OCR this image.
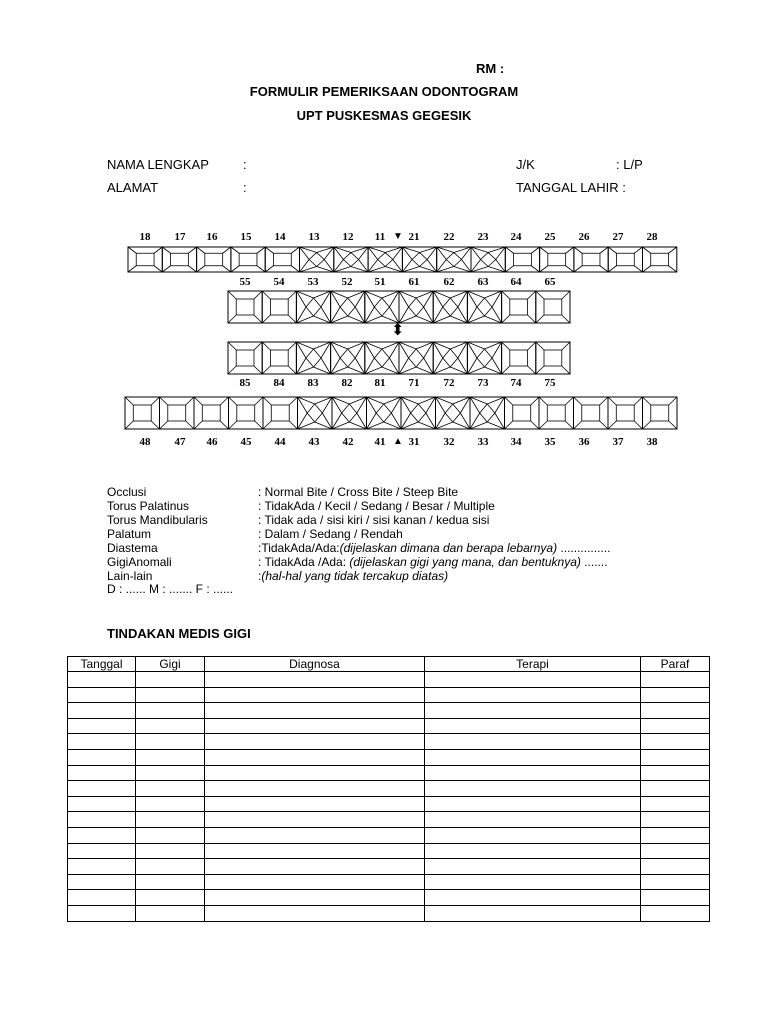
RM :
FORMULIR PEMERIKSAAN ODONTOGRAM
UPT PUSKESMAS GEGESIK
NAMA LENGKAP	:
ALAMAT	:
J/K	: L/P
TANGGAL LAHIR :
18	17	16	15	14	13	12	11	21	22	23	24	25	26	27	28
55	54	53	52	51	61	62	63	64	65
85	84	83	82	81	71	72	73	74	75
48	47	46	45	44	43	42	41	31	32	33	34	35	36	37	38
▼
⬍
▲
Occlusi	: Normal Bite / Cross Bite / Steep Bite
Torus Palatinus	: TidakAda / Kecil / Sedang / Besar / Multiple
Torus Mandibularis	: Tidak ada / sisi kiri / sisi kanan / kedua sisi
Palatum	: Dalam / Sedang / Rendah
Diastema	:TidakAda/Ada:(dijelaskan dimana dan berapa lebarnya) ...............
GigiAnomali	: TidakAda /Ada: (dijelaskan gigi yang mana, dan bentuknya) .......
Lain-lain	:(hal-hal yang tidak tercakup diatas)
D : ...... M : ....... F : ......
TINDAKAN MEDIS GIGI
Tanggal	Gigi	Diagnosa	Terapi	Paraf
